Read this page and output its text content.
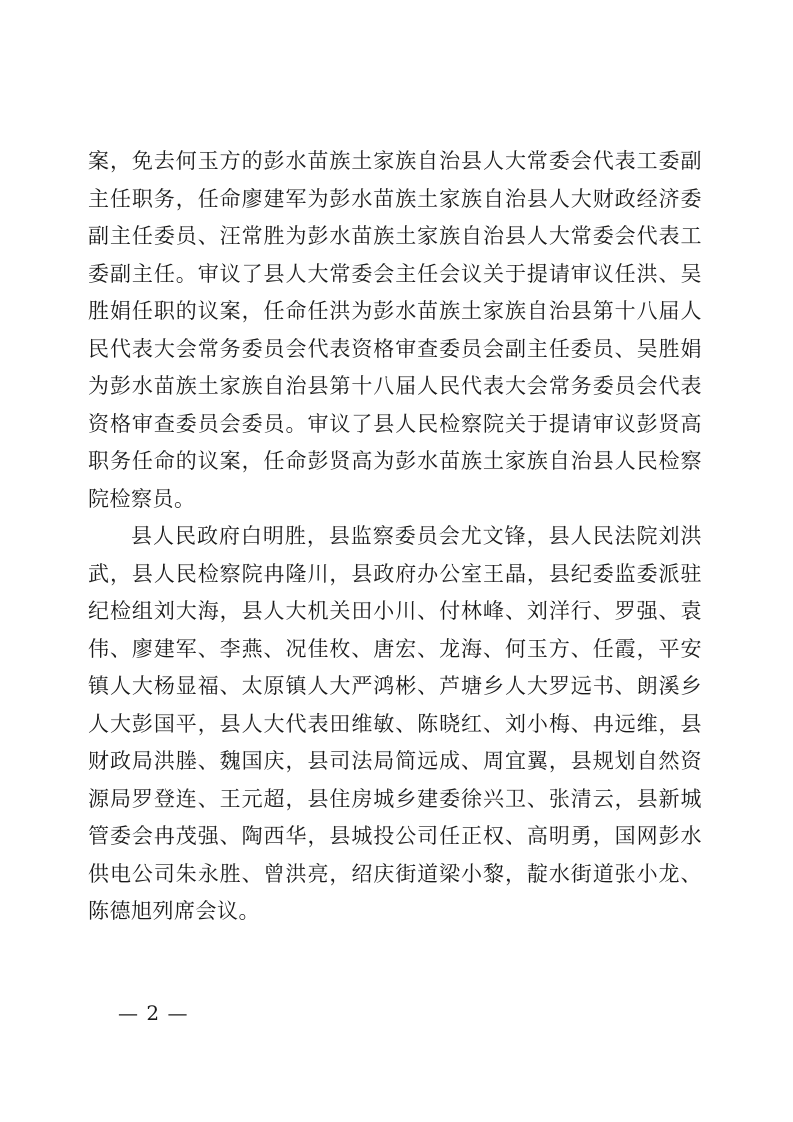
案，免去何玉方的彭水苗族土家族自治县人大常委会代表工委副主任职务，任命廖建军为彭水苗族土家族自治县人大财政经济委副主任委员、汪常胜为彭水苗族土家族自治县人大常委会代表工委副主任。审议了县人大常委会主任会议关于提请审议任洪、吴胜娟任职的议案，任命任洪为彭水苗族土家族自治县第十八届人民代表大会常务委员会代表资格审查委员会副主任委员、吴胜娟为彭水苗族土家族自治县第十八届人民代表大会常务委员会代表资格审查委员会委员。审议了县人民检察院关于提请审议彭贤高职务任命的议案，任命彭贤高为彭水苗族土家族自治县人民检察院检察员。

县人民政府白明胜，县监察委员会尤文锋，县人民法院刘洪武，县人民检察院冉隆川，县政府办公室王晶，县纪委监委派驻纪检组刘大海，县人大机关田小川、付林峰、刘洋行、罗强、袁伟、廖建军、李燕、况佳枚、唐宏、龙海、何玉方、任霞，平安镇人大杨显福、太原镇人大严鸿彬、芦塘乡人大罗远书、朗溪乡人大彭国平，县人大代表田维敏、陈晓红、刘小梅、冉远维，县财政局洪塍、魏国庆，县司法局简远成、周宜翼，县规划自然资源局罗登连、王元超，县住房城乡建委徐兴卫、张清云，县新城管委会冉茂强、陶西华，县城投公司任正权、高明勇，国网彭水供电公司朱永胜、曾洪亮，绍庆街道梁小黎，靛水街道张小龙、陈德旭列席会议。

— 2 —
